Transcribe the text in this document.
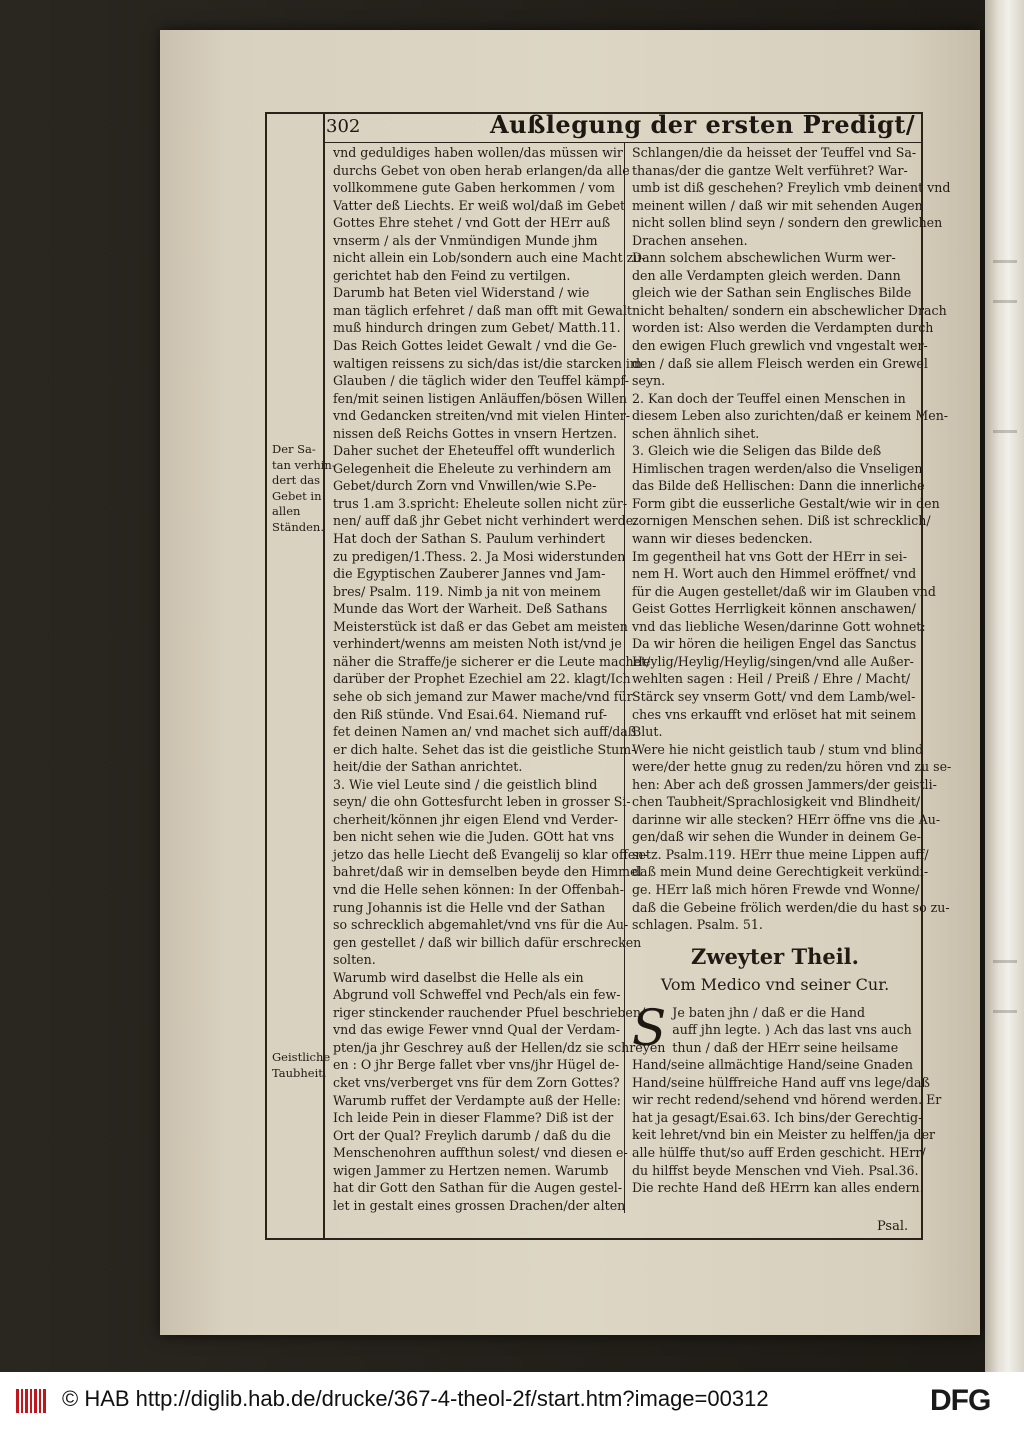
302	Außlegung der ersten Predigt/
Der Sa-
tan verhin-
dert das
Gebet in
allen
Ständen.
Geistliche
Taubheit.

vnd geduldiges haben wollen/das müssen wir

durchs Gebet von oben herab erlangen/da alle

vollkommene gute Gaben herkommen / vom

Vatter deß Liechts. Er weiß wol/daß im Gebet

Gottes Ehre stehet / vnd Gott der HErr auß

vnserm / als der Vnmündigen Munde jhm

nicht allein ein Lob/sondern auch eine Macht zu-

gerichtet hab den Feind zu vertilgen.

Darumb hat Beten viel Widerstand / wie

man täglich erfehret / daß man offt mit Gewalt

muß hindurch dringen zum Gebet/ Matth.11.

Das Reich Gottes leidet Gewalt / vnd die Ge-

waltigen reissens zu sich/das ist/die starcken im

Glauben / die täglich wider den Teuffel kämpf-

fen/mit seinen listigen Anläuffen/bösen Willen

vnd Gedancken streiten/vnd mit vielen Hinter-

nissen deß Reichs Gottes in vnsern Hertzen.

Daher suchet der Eheteuffel offt wunderlich

Gelegenheit die Eheleute zu verhindern am

Gebet/durch Zorn vnd Vnwillen/wie S.Pe-

trus 1.am 3.spricht: Eheleute sollen nicht zür-

nen/ auff daß jhr Gebet nicht verhindert werde.

Hat doch der Sathan S. Paulum verhindert

zu predigen/1.Thess. 2. Ja Mosi widerstunden

die Egyptischen Zauberer Jannes vnd Jam-

bres/ Psalm. 119. Nimb ja nit von meinem

Munde das Wort der Warheit. Deß Sathans

Meisterstück ist daß er das Gebet am meisten

verhindert/wenns am meisten Noth ist/vnd je

näher die Straffe/je sicherer er die Leute machet/

darüber der Prophet Ezechiel am 22. klagt/Ich

sehe ob sich jemand zur Mawer mache/vnd für

den Riß stünde. Vnd Esai.64. Niemand ruf-

fet deinen Namen an/ vnd machet sich auff/daß

er dich halte. Sehet das ist die geistliche Stum-

heit/die der Sathan anrichtet.

3. Wie viel Leute sind / die geistlich blind

seyn/ die ohn Gottesfurcht leben in grosser Si-

cherheit/können jhr eigen Elend vnd Verder-

ben nicht sehen wie die Juden. GOtt hat vns

jetzo das helle Liecht deß Evangelij so klar offen-

bahret/daß wir in demselben beyde den Himmel

vnd die Helle sehen können: In der Offenbah-

rung Johannis ist die Helle vnd der Sathan

so schrecklich abgemahlet/vnd vns für die Au-

gen gestellet / daß wir billich dafür erschrecken

solten.

Warumb wird daselbst die Helle als ein

Abgrund voll Schweffel vnd Pech/als ein few-

riger stinckender rauchender Pfuel beschrieben/

vnd das ewige Fewer vnnd Qual der Verdam-

pten/ja jhr Geschrey auß der Hellen/dz sie schreyen

en : O jhr Berge fallet vber vns/jhr Hügel de-

cket vns/verberget vns für dem Zorn Gottes?

Warumb ruffet der Verdampte auß der Helle:

Ich leide Pein in dieser Flamme? Diß ist der

Ort der Qual? Freylich darumb / daß du die

Menschenohren auffthun solest/ vnd diesen e-

wigen Jammer zu Hertzen nemen. Warumb

hat dir Gott den Sathan für die Augen gestel-

let in gestalt eines grossen Drachen/der alten

Schlangen/die da heisset der Teuffel vnd Sa-

thanas/der die gantze Welt verführet? War-

umb ist diß geschehen? Freylich vmb deinent vnd

meinent willen / daß wir mit sehenden Augen

nicht sollen blind seyn / sondern den grewlichen

Drachen ansehen.

Dann solchem abschewlichen Wurm wer-

den alle Verdampten gleich werden. Dann

gleich wie der Sathan sein Englisches Bilde

nicht behalten/ sondern ein abschewlicher Drach

worden ist: Also werden die Verdampten durch

den ewigen Fluch grewlich vnd vngestalt wer-

den / daß sie allem Fleisch werden ein Grewel

seyn.

2. Kan doch der Teuffel einen Menschen in

diesem Leben also zurichten/daß er keinem Men-

schen ähnlich sihet.

3. Gleich wie die Seligen das Bilde deß

Himlischen tragen werden/also die Vnseligen

das Bilde deß Hellischen: Dann die innerliche

Form gibt die eusserliche Gestalt/wie wir in den

zornigen Menschen sehen. Diß ist schrecklich/

wann wir dieses bedencken.

Im gegentheil hat vns Gott der HErr in sei-

nem H. Wort auch den Himmel eröffnet/ vnd

für die Augen gestellet/daß wir im Glauben vnd

Geist Gottes Herrligkeit können anschawen/

vnd das liebliche Wesen/darinne Gott wohnet:

Da wir hören die heiligen Engel das Sanctus

Heylig/Heylig/Heylig/singen/vnd alle Außer-

wehlten sagen : Heil / Preiß / Ehre / Macht/

Stärck sey vnserm Gott/ vnd dem Lamb/wel-

ches vns erkaufft vnd erlöset hat mit seinem

Blut.

Were hie nicht geistlich taub / stum vnd blind

were/der hette gnug zu reden/zu hören vnd zu se-

hen: Aber ach deß grossen Jammers/der geistli-

chen Taubheit/Sprachlosigkeit vnd Blindheit/

darinne wir alle stecken? HErr öffne vns die Au-

gen/daß wir sehen die Wunder in deinem Ge-

setz. Psalm.119. HErr thue meine Lippen auff/

daß mein Mund deine Gerechtigkeit verkündi-

ge. HErr laß mich hören Frewde vnd Wonne/

daß die Gebeine frölich werden/die du hast so zu-

schlagen. Psalm. 51.

Zweyter Theil.

Vom Medico vnd seiner Cur.

S Je baten jhn / daß er die Hand

auff jhn legte. ) Ach das last vns auch

thun / daß der HErr seine heilsame

Hand/seine allmächtige Hand/seine Gnaden

Hand/seine hülffreiche Hand auff vns lege/daß

wir recht redend/sehend vnd hörend werden. Er

hat ja gesagt/Esai.63. Ich bins/der Gerechtig-

keit lehret/vnd bin ein Meister zu helffen/ja der

alle hülffe thut/so auff Erden geschicht. HErr/

du hilffst beyde Menschen vnd Vieh. Psal.36.

Die rechte Hand deß HErrn kan alles endern.

Psal.
© HAB http://diglib.hab.de/drucke/367-4-theol-2f/start.htm?image=00312	DFG
